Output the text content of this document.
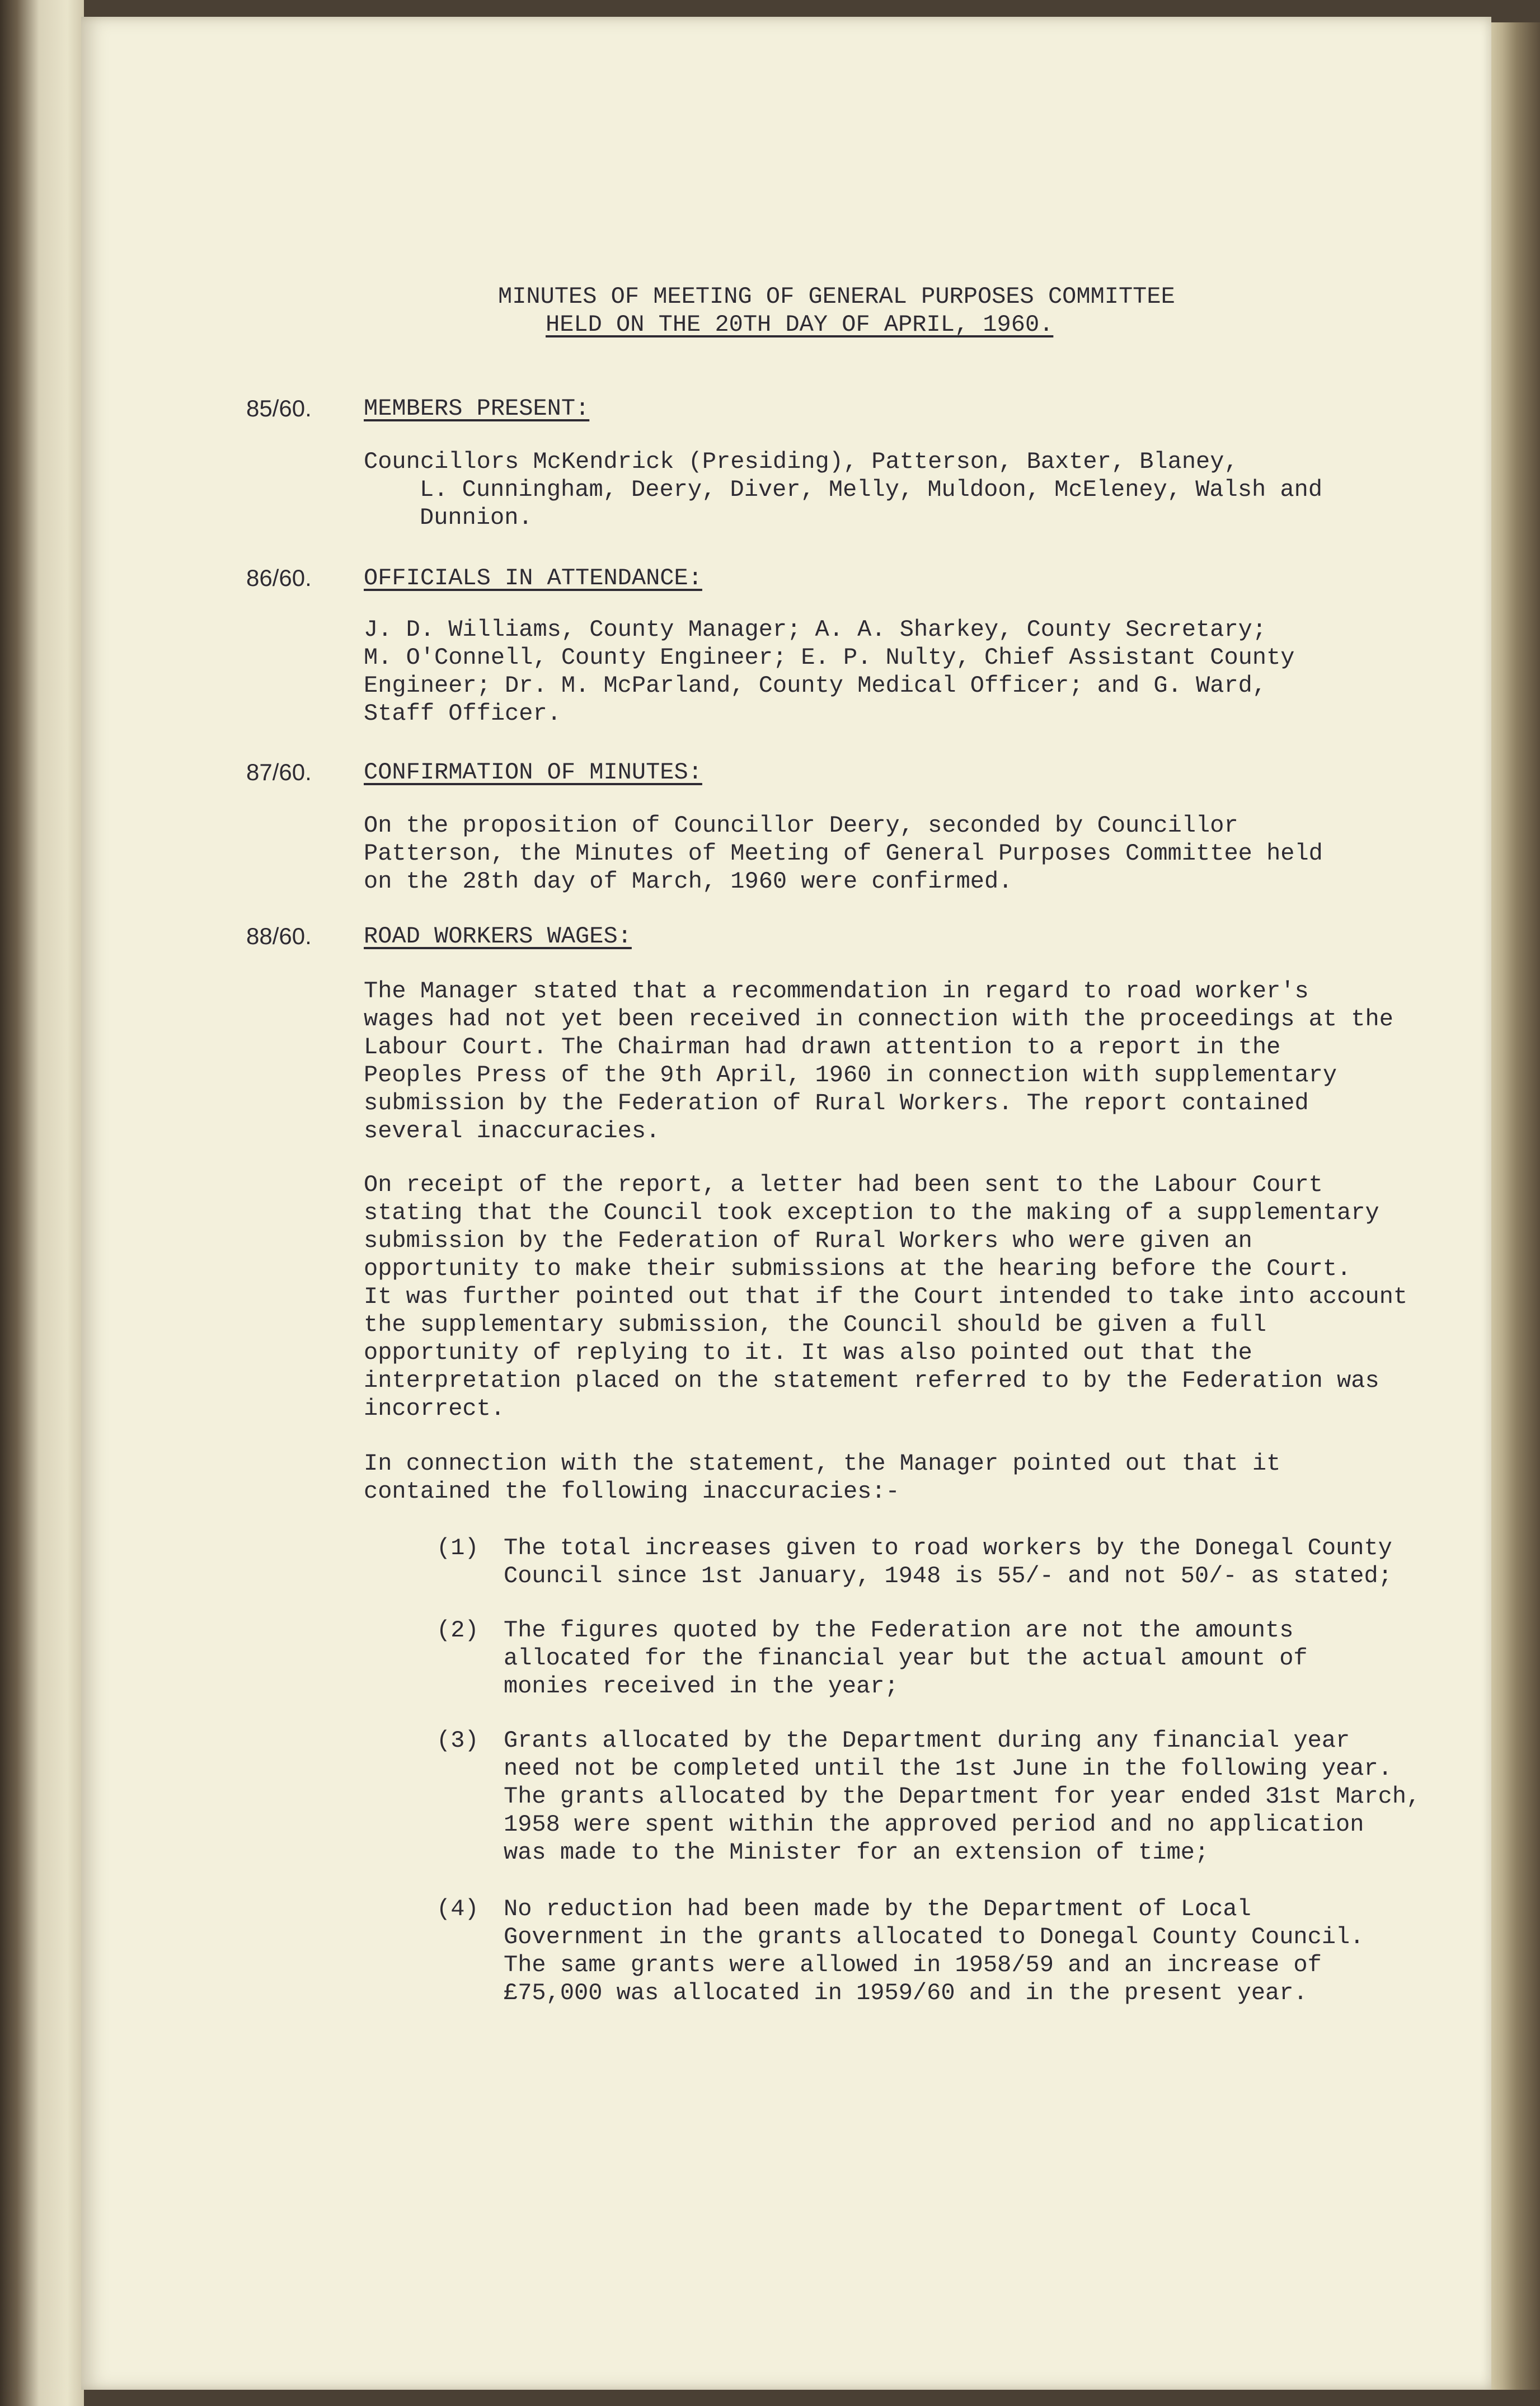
MINUTES OF MEETING OF GENERAL PURPOSES COMMITTEE
HELD ON THE 20TH DAY OF APRIL, 1960.
85/60. MEMBERS PRESENT:
Councillors McKendrick (Presiding), Patterson, Baxter, Blaney,
L. Cunningham, Deery, Diver, Melly, Muldoon, McEleney, Walsh and
Dunnion.
86/60. OFFICIALS IN ATTENDANCE:
J. D. Williams, County Manager; A. A. Sharkey, County Secretary;
M. O'Connell, County Engineer; E. P. Nulty, Chief Assistant County
Engineer; Dr. M. McParland, County Medical Officer; and G. Ward,
Staff Officer.
87/60. CONFIRMATION OF MINUTES:
On the proposition of Councillor Deery, seconded by Councillor
Patterson, the Minutes of Meeting of General Purposes Committee held
on the 28th day of March, 1960 were confirmed.
88/60. ROAD WORKERS WAGES:
The Manager stated that a recommendation in regard to road worker's
wages had not yet been received in connection with the proceedings at the
Labour Court. The Chairman had drawn attention to a report in the
Peoples Press of the 9th April, 1960 in connection with supplementary
submission by the Federation of Rural Workers. The report contained
several inaccuracies.
On receipt of the report, a letter had been sent to the Labour Court
stating that the Council took exception to the making of a supplementary
submission by the Federation of Rural Workers who were given an
opportunity to make their submissions at the hearing before the Court.
It was further pointed out that if the Court intended to take into account
the supplementary submission, the Council should be given a full
opportunity of replying to it. It was also pointed out that the
interpretation placed on the statement referred to by the Federation was
incorrect.
In connection with the statement, the Manager pointed out that it
contained the following inaccuracies:-
(1) The total increases given to road workers by the Donegal County
Council since 1st January, 1948 is 55/- and not 50/- as stated;
(2) The figures quoted by the Federation are not the amounts
allocated for the financial year but the actual amount of
monies received in the year;
(3) Grants allocated by the Department during any financial year
need not be completed until the 1st June in the following year.
The grants allocated by the Department for year ended 31st March,
1958 were spent within the approved period and no application
was made to the Minister for an extension of time;
(4) No reduction had been made by the Department of Local
Government in the grants allocated to Donegal County Council.
The same grants were allowed in 1958/59 and an increase of
£75,000 was allocated in 1959/60 and in the present year.
